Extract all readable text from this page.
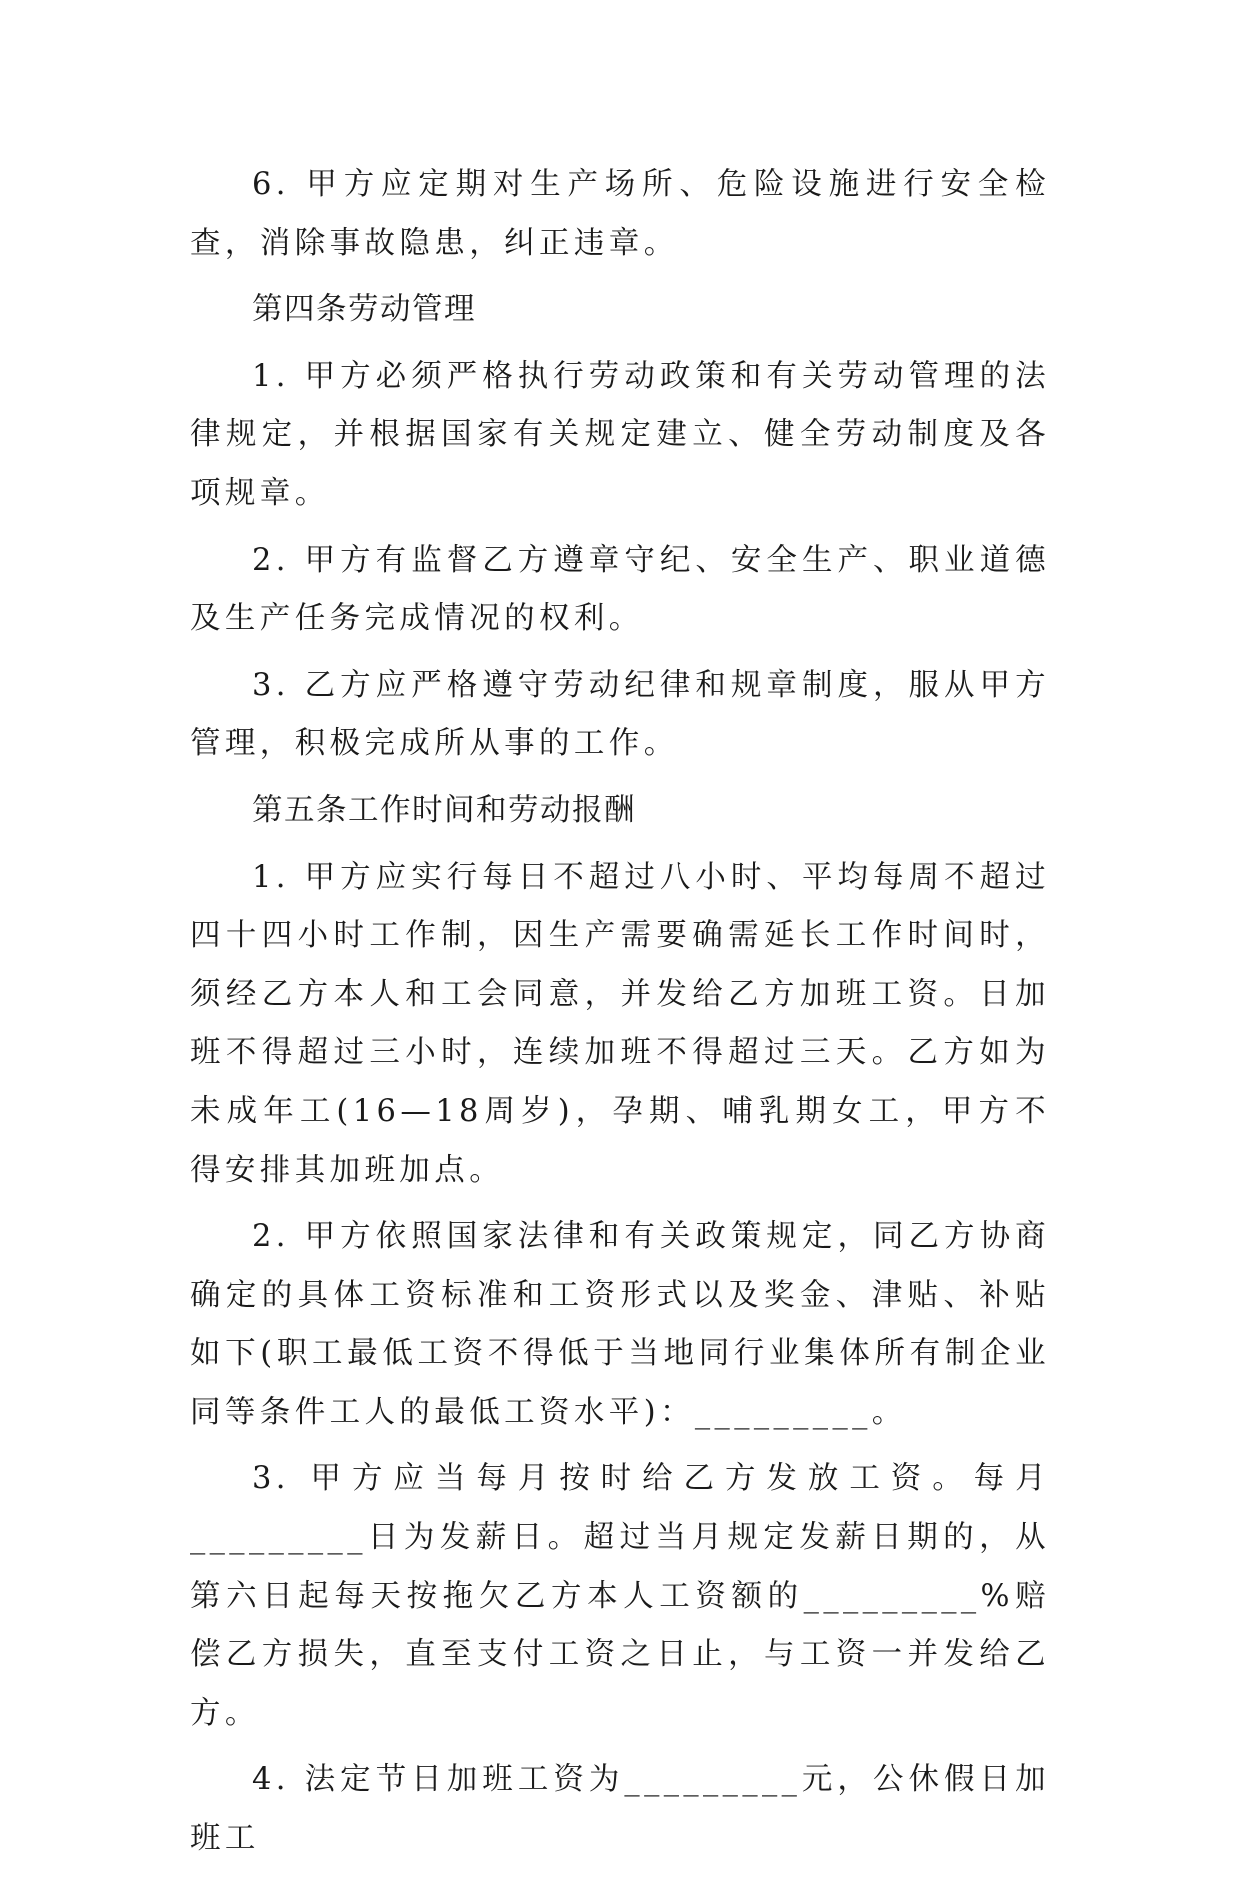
6. 甲方应定期对生产场所、危险设施进行安全检查，消除事故隐患，纠正违章。

第四条劳动管理

1. 甲方必须严格执行劳动政策和有关劳动管理的法律规定，并根据国家有关规定建立、健全劳动制度及各项规章。

2. 甲方有监督乙方遵章守纪、安全生产、职业道德及生产任务完成情况的权利。

3. 乙方应严格遵守劳动纪律和规章制度，服从甲方管理，积极完成所从事的工作。

第五条工作时间和劳动报酬

1. 甲方应实行每日不超过八小时、平均每周不超过四十四小时工作制，因生产需要确需延长工作时间时，须经乙方本人和工会同意，并发给乙方加班工资。日加班不得超过三小时，连续加班不得超过三天。乙方如为未成年工(16—18周岁)，孕期、哺乳期女工，甲方不得安排其加班加点。

2. 甲方依照国家法律和有关政策规定，同乙方协商确定的具体工资标准和工资形式以及奖金、津贴、补贴如下(职工最低工资不得低于当地同行业集体所有制企业同等条件工人的最低工资水平)：_________。

3. 甲方应当每月按时给乙方发放工资。每月_________日为发薪日。超过当月规定发薪日期的，从第六日起每天按拖欠乙方本人工资额的_________%赔偿乙方损失，直至支付工资之日止，与工资一并发给乙方。

4. 法定节日加班工资为_________元，公休假日加班工
